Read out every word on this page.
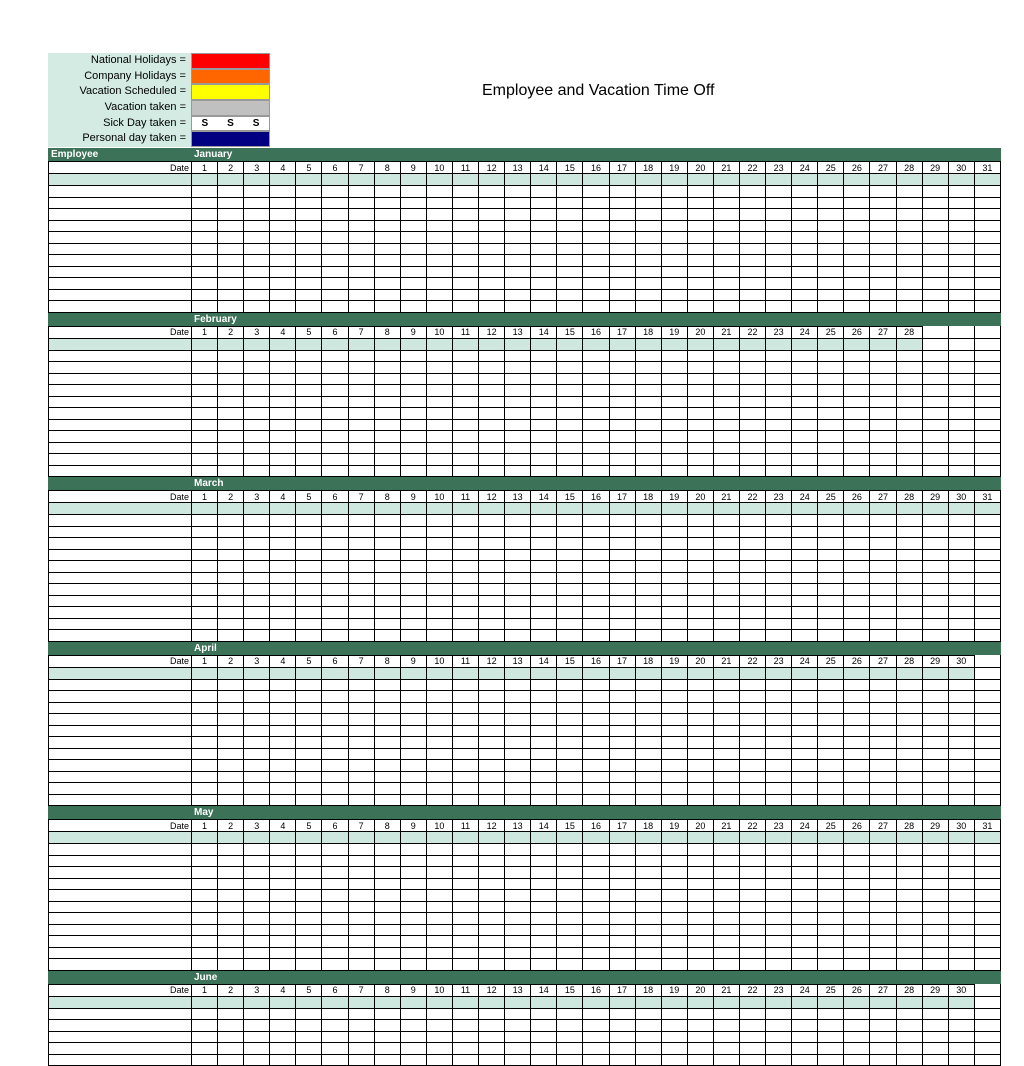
National Holidays =
Company Holidays =
Vacation Scheduled =
Vacation taken =
Sick Day taken =	S S S
Personal day taken =
Employee and Vacation Time Off
Employee	January
Date	1	2	3	4	5	6	7	8	9	10	11	12	13	14	15	16	17	18	19	20	21	22	23	24	25	26	27	28	29	30	31

February
Date	1	2	3	4	5	6	7	8	9	10	11	12	13	14	15	16	17	18	19	20	21	22	23	24	25	26	27	28			

March
Date	1	2	3	4	5	6	7	8	9	10	11	12	13	14	15	16	17	18	19	20	21	22	23	24	25	26	27	28	29	30	31

April
Date	1	2	3	4	5	6	7	8	9	10	11	12	13	14	15	16	17	18	19	20	21	22	23	24	25	26	27	28	29	30	

May
Date	1	2	3	4	5	6	7	8	9	10	11	12	13	14	15	16	17	18	19	20	21	22	23	24	25	26	27	28	29	30	31

June
Date	1	2	3	4	5	6	7	8	9	10	11	12	13	14	15	16	17	18	19	20	21	22	23	24	25	26	27	28	29	30	
